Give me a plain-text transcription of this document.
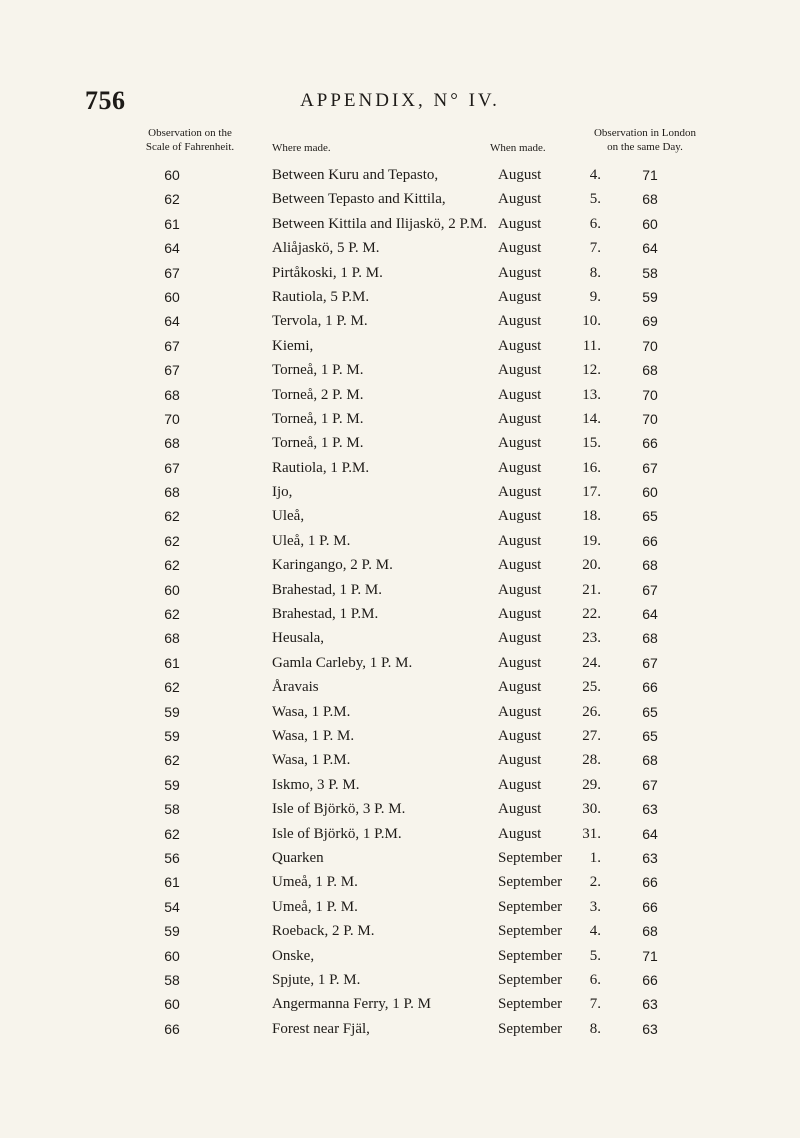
756	APPENDIX, N° IV.
Observation on the
Scale of Fahrenheit.	Where made.	When made.
Observation in London
on the same Day.
60	Between Kuru and Tepasto,	August	4.	71
62	Between Tepasto and Kittila,	August	5.	68
61	Between Kittila and Ilijaskö, 2 P.M. August	6.	60
64	Aliåjaskö, 5 P. M.	August	7.	64
67	Pirtåkoski, 1 P. M.	August	8.	58
60	Rautiola, 5 P.M.	August	9.	59
64	Tervola, 1 P. M.	August	10.	69
67	Kiemi,	August	11.	70
67	Torneå, 1 P. M.	August	12.	68
68	Torneå, 2 P. M.	August	13.	70
70	Torneå, 1 P. M.	August	14.	70
68	Torneå, 1 P. M.	August	15.	66
67	Rautiola, 1 P.M.	August	16.	67
68	Ijo,	August	17.	60
62	Uleå,	August	18.	65
62	Uleå, 1 P. M.	August	19.	66
62	Karingango, 2 P. M.	August	20.	68
60	Brahestad, 1 P. M.	August	21.	67
62	Brahestad, 1 P.M.	August	22.	64
68	Heusala,	August	23.	68
61	Gamla Carleby, 1 P. M.	August	24.	67
62	Åravais	August	25.	66
59	Wasa, 1 P.M.	August	26.	65
59	Wasa, 1 P. M.	August	27.	65
62	Wasa, 1 P.M.	August	28.	68
59	Iskmo, 3 P. M.	August	29.	67
58	Isle of Björkö, 3 P. M.	August	30.	63
62	Isle of Björkö, 1 P.M.	August	31.	64
56	Quarken	September	1.	63
61	Umeå, 1 P. M.	September	2.	66
54	Umeå, 1 P. M.	September	3.	66
59	Roeback, 2 P. M.	September	4.	68
60	Onske,	September	5.	71
58	Spjute, 1 P. M.	September	6.	66
60	Angermanna Ferry, 1 P. M	September	7.	63
66	Forest near Fjäl,	September	8.	63
